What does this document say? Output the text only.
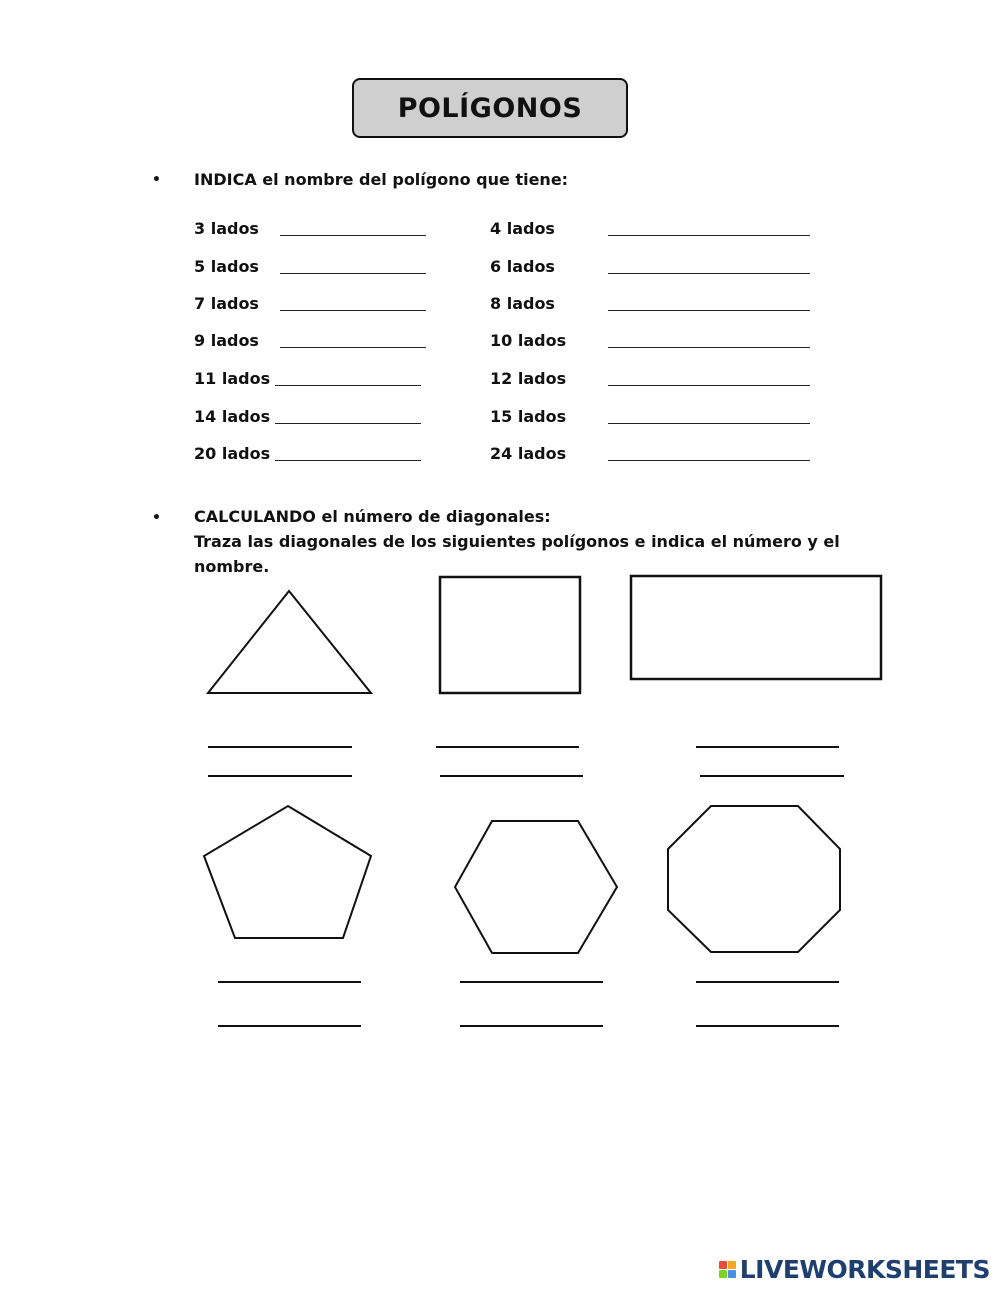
POLÍGONOS
• INDICA el nombre del polígono que tiene:
3 lados
5 lados
7 lados
9 lados
11 lados
14 lados
20 lados
4 lados
6 lados
8 lados
10 lados
12 lados
15 lados
24 lados
• CALCULANDO el número de diagonales:
Traza las diagonales de los siguientes polígonos e indica el número y el
nombre.
LIVEWORKSHEETS
